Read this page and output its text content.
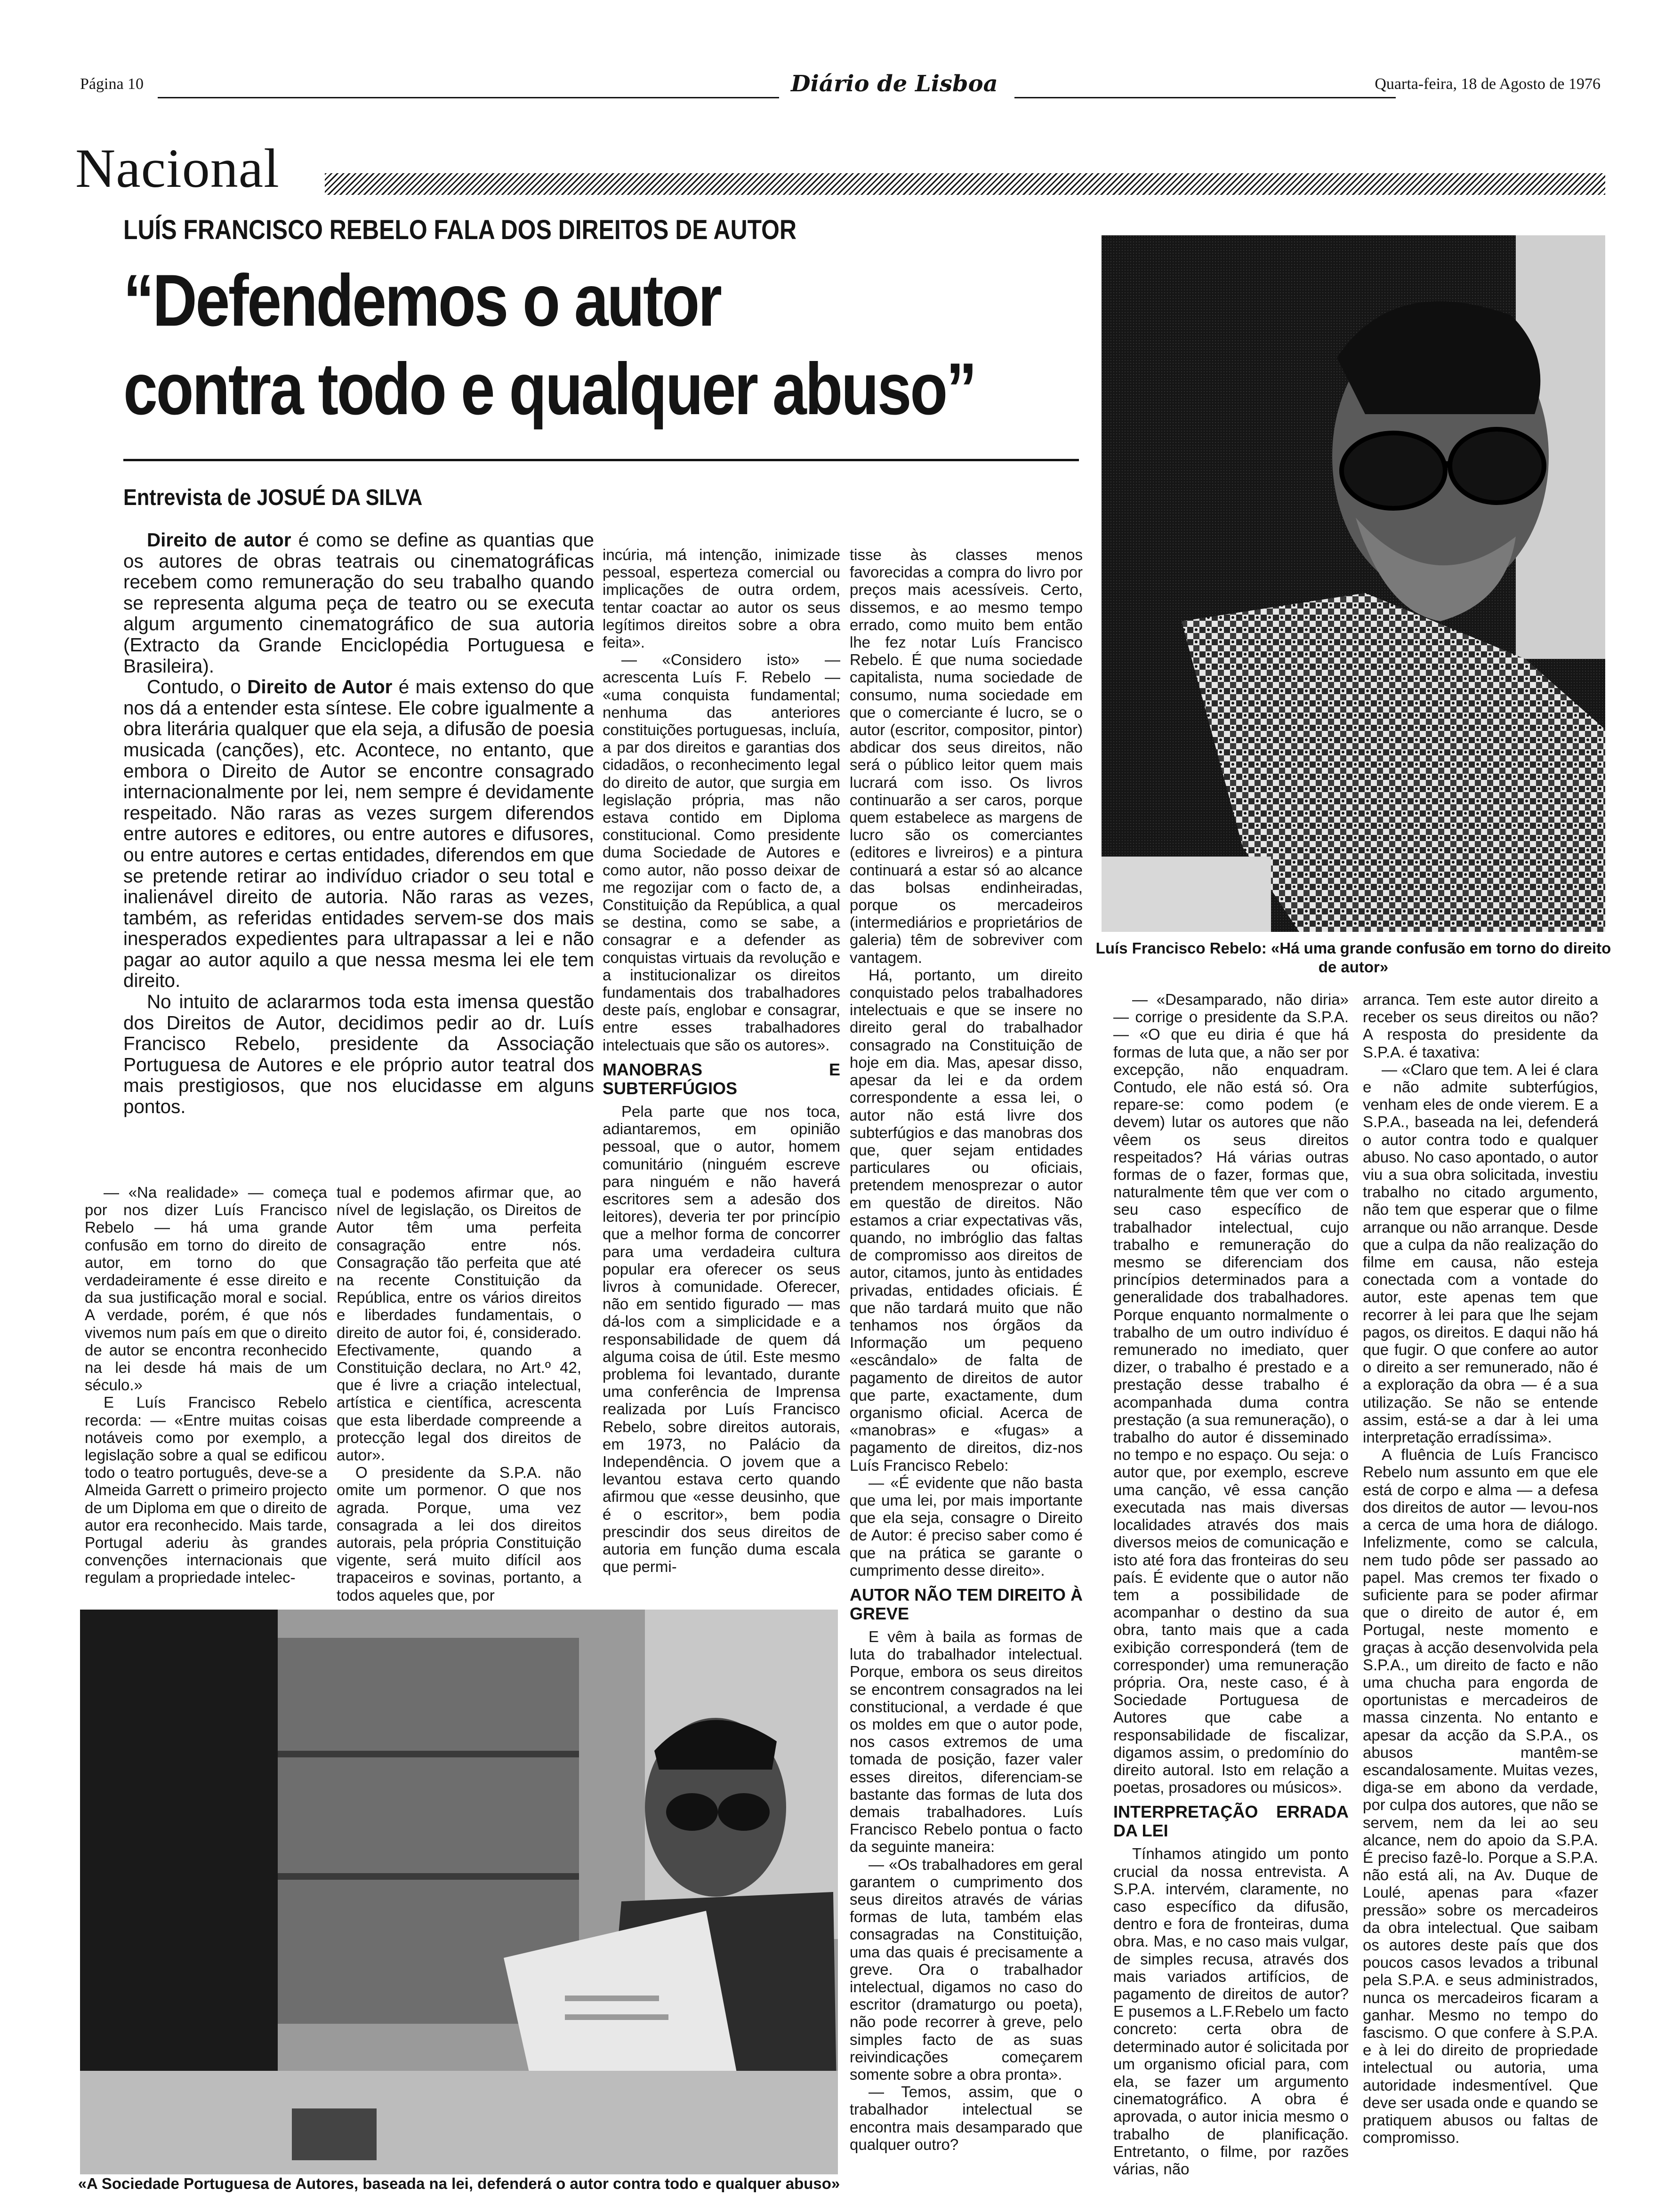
Página 10	Diário de Lisboa	Quarta-feira, 18 de Agosto de 1976
Nacional
LUÍS FRANCISCO REBELO FALA DOS DIREITOS DE AUTOR
“Defendemos o autor
contra todo e qualquer abuso”
Entrevista de JOSUÉ DA SILVA
Luís Francisco Rebelo: «Há uma grande confusão em torno do direito de autor»
«A Sociedade Portuguesa de Autores, baseada na lei, defenderá o autor contra todo e qualquer abuso»

Direito de autor é como se define as quantias que os autores de obras teatrais ou cinematográficas recebem como remuneração do seu trabalho quando se representa alguma peça de teatro ou se executa algum argumento cinematográfico de sua autoria (Extracto da Grande Enciclopédia Portuguesa e Brasileira).

Contudo, o Direito de Autor é mais extenso do que nos dá a entender esta síntese. Ele cobre igualmente a obra literária qualquer que ela seja, a difusão de poesia musicada (canções), etc. Acontece, no entanto, que embora o Direito de Autor se encontre consagrado internacionalmente por lei, nem sempre é devidamente respeitado. Não raras as vezes surgem diferendos entre autores e editores, ou entre autores e difusores, ou entre autores e certas entidades, diferendos em que se pretende retirar ao indivíduo criador o seu total e inalienável direito de autoria. Não raras as vezes, também, as referidas entidades servem-se dos mais inesperados expedientes para ultrapassar a lei e não pagar ao autor aquilo a que nessa mesma lei ele tem direito.

No intuito de aclararmos toda esta imensa questão dos Direitos de Autor, decidimos pedir ao dr. Luís Francisco Rebelo, presidente da Associação Portuguesa de Autores e ele próprio autor teatral dos mais prestigiosos, que nos elucidasse em alguns pontos.

— «Na realidade» — começa por nos dizer Luís Francisco Rebelo — há uma grande confusão em torno do direito de autor, em torno do que verdadeiramente é esse direito e da sua justificação moral e social. A verdade, porém, é que nós vivemos num país em que o direito de autor se encontra reconhecido na lei desde há mais de um século.»

E Luís Francisco Rebelo recorda: — «Entre muitas coisas notáveis como por exemplo, a legislação sobre a qual se edificou todo o teatro português, deve-se a Almeida Garrett o primeiro projecto de um Diploma em que o direito de autor era reconhecido. Mais tarde, Portugal aderiu às grandes convenções internacionais que regulam a propriedade intelec-

tual e podemos afirmar que, ao nível de legislação, os Direitos de Autor têm uma perfeita consagração entre nós. Consagração tão perfeita que até na recente Constituição da República, entre os vários direitos e liberdades fundamentais, o direito de autor foi, é, considerado. Efectivamente, quando a Constituição declara, no Art.º 42, que é livre a criação intelectual, artística e científica, acrescenta que esta liberdade compreende a protecção legal dos direitos de autor».

O presidente da S.P.A. não omite um pormenor. O que nos agrada. Porque, uma vez consagrada a lei dos direitos autorais, pela própria Constituição vigente, será muito difícil aos trapaceiros e sovinas, portanto, a todos aqueles que, por

incúria, má intenção, inimizade pessoal, esperteza comercial ou implicações de outra ordem, tentar coactar ao autor os seus legítimos direitos sobre a obra feita».

— «Considero isto» — acrescenta Luís F. Rebelo — «uma conquista fundamental; nenhuma das anteriores constituições portuguesas, incluía, a par dos direitos e garantias dos cidadãos, o reconhecimento legal do direito de autor, que surgia em legislação própria, mas não estava contido em Diploma constitucional. Como presidente duma Sociedade de Autores e como autor, não posso deixar de me regozijar com o facto de, a Constituição da República, a qual se destina, como se sabe, a consagrar e a defender as conquistas virtuais da revolução e a institucionalizar os direitos fundamentais dos trabalhadores deste país, englobar e consagrar, entre esses trabalhadores intelectuais que são os autores».

MANOBRAS E SUBTERFÚGIOS

Pela parte que nos toca, adiantaremos, em opinião pessoal, que o autor, homem comunitário (ninguém escreve para ninguém e não haverá escritores sem a adesão dos leitores), deveria ter por princípio que a melhor forma de concorrer para uma verdadeira cultura popular era oferecer os seus livros à comunidade. Oferecer, não em sentido figurado — mas dá-los com a simplicidade e a responsabilidade de quem dá alguma coisa de útil. Este mesmo problema foi levantado, durante uma conferência de Imprensa realizada por Luís Francisco Rebelo, sobre direitos autorais, em 1973, no Palácio da Independência. O jovem que a levantou estava certo quando afirmou que «esse deusinho, que é o escritor», bem podia prescindir dos seus direitos de autoria em função duma escala que permi-

tisse às classes menos favorecidas a compra do livro por preços mais acessíveis. Certo, dissemos, e ao mesmo tempo errado, como muito bem então lhe fez notar Luís Francisco Rebelo. É que numa sociedade capitalista, numa sociedade de consumo, numa sociedade em que o comerciante é lucro, se o autor (escritor, compositor, pintor) abdicar dos seus direitos, não será o público leitor quem mais lucrará com isso. Os livros continuarão a ser caros, porque quem estabelece as margens de lucro são os comerciantes (editores e livreiros) e a pintura continuará a estar só ao alcance das bolsas endinheiradas, porque os mercadeiros (intermediários e proprietários de galeria) têm de sobreviver com vantagem.

Há, portanto, um direito conquistado pelos trabalhadores intelectuais e que se insere no direito geral do trabalhador consagrado na Constituição de hoje em dia. Mas, apesar disso, apesar da lei e da ordem correspondente a essa lei, o autor não está livre dos subterfúgios e das manobras dos que, quer sejam entidades particulares ou oficiais, pretendem menosprezar o autor em questão de direitos. Não estamos a criar expectativas vãs, quando, no imbróglio das faltas de compromisso aos direitos de autor, citamos, junto às entidades privadas, entidades oficiais. É que não tardará muito que não tenhamos nos órgãos da Informação um pequeno «escândalo» de falta de pagamento de direitos de autor que parte, exactamente, dum organismo oficial. Acerca de «manobras» e «fugas» a pagamento de direitos, diz-nos Luís Francisco Rebelo:

— «É evidente que não basta que uma lei, por mais importante que ela seja, consagre o Direito de Autor: é preciso saber como é que na prática se garante o cumprimento desse direito».

AUTOR NÃO TEM DIREITO À GREVE

E vêm à baila as formas de luta do trabalhador intelectual. Porque, embora os seus direitos se encontrem consagrados na lei constitucional, a verdade é que os moldes em que o autor pode, nos casos extremos de uma tomada de posição, fazer valer esses direitos, diferenciam-se bastante das formas de luta dos demais trabalhadores. Luís Francisco Rebelo pontua o facto da seguinte maneira:

— «Os trabalhadores em geral garantem o cumprimento dos seus direitos através de várias formas de luta, também elas consagradas na Constituição, uma das quais é precisamente a greve. Ora o trabalhador intelectual, digamos no caso do escritor (dramaturgo ou poeta), não pode recorrer à greve, pelo simples facto de as suas reivindicações começarem somente sobre a obra pronta».

— Temos, assim, que o trabalhador intelectual se encontra mais desamparado que qualquer outro?

— «Desamparado, não diria» — corrige o presidente da S.P.A. — «O que eu diria é que há formas de luta que, a não ser por excepção, não enquadram. Contudo, ele não está só. Ora repare-se: como podem (e devem) lutar os autores que não vêem os seus direitos respeitados? Há várias outras formas de o fazer, formas que, naturalmente têm que ver com o seu caso específico de trabalhador intelectual, cujo trabalho e remuneração do mesmo se diferenciam dos princípios determinados para a generalidade dos trabalhadores. Porque enquanto normalmente o trabalho de um outro indivíduo é remunerado no imediato, quer dizer, o trabalho é prestado e a prestação desse trabalho é acompanhada duma contra prestação (a sua remuneração), o trabalho do autor é disseminado no tempo e no espaço. Ou seja: o autor que, por exemplo, escreve uma canção, vê essa canção executada nas mais diversas localidades através dos mais diversos meios de comunicação e isto até fora das fronteiras do seu país. É evidente que o autor não tem a possibilidade de acompanhar o destino da sua obra, tanto mais que a cada exibição corresponderá (tem de corresponder) uma remuneração própria. Ora, neste caso, é à Sociedade Portuguesa de Autores que cabe a responsabilidade de fiscalizar, digamos assim, o predomínio do direito autoral. Isto em relação a poetas, prosadores ou músicos».

INTERPRETAÇÃO ERRADA DA LEI

Tínhamos atingido um ponto crucial da nossa entrevista. A S.P.A. intervém, claramente, no caso específico da difusão, dentro e fora de fronteiras, duma obra. Mas, e no caso mais vulgar, de simples recusa, através dos mais variados artifícios, de pagamento de direitos de autor? E pusemos a L.F.Rebelo um facto concreto: certa obra de determinado autor é solicitada por um organismo oficial para, com ela, se fazer um argumento cinematográfico. A obra é aprovada, o autor inicia mesmo o trabalho de planificação. Entretanto, o filme, por razões várias, não

arranca. Tem este autor direito a receber os seus direitos ou não? A resposta do presidente da S.P.A. é taxativa:

— «Claro que tem. A lei é clara e não admite subterfúgios, venham eles de onde vierem. E a S.P.A., baseada na lei, defenderá o autor contra todo e qualquer abuso. No caso apontado, o autor viu a sua obra solicitada, investiu trabalho no citado argumento, não tem que esperar que o filme arranque ou não arranque. Desde que a culpa da não realização do filme em causa, não esteja conectada com a vontade do autor, este apenas tem que recorrer à lei para que lhe sejam pagos, os direitos. E daqui não há que fugir. O que confere ao autor o direito a ser remunerado, não é a exploração da obra — é a sua utilização. Se não se entende assim, está-se a dar à lei uma interpretação erradíssima».

A fluência de Luís Francisco Rebelo num assunto em que ele está de corpo e alma — a defesa dos direitos de autor — levou-nos a cerca de uma hora de diálogo. Infelizmente, como se calcula, nem tudo pôde ser passado ao papel. Mas cremos ter fixado o suficiente para se poder afirmar que o direito de autor é, em Portugal, neste momento e graças à acção desenvolvida pela S.P.A., um direito de facto e não uma chucha para engorda de oportunistas e mercadeiros de massa cinzenta. No entanto e apesar da acção da S.P.A., os abusos mantêm-se escandalosamente. Muitas vezes, diga-se em abono da verdade, por culpa dos autores, que não se servem, nem da lei ao seu alcance, nem do apoio da S.P.A. É preciso fazê-lo. Porque a S.P.A. não está ali, na Av. Duque de Loulé, apenas para «fazer pressão» sobre os mercadeiros da obra intelectual. Que saibam os autores deste país que dos poucos casos levados a tribunal pela S.P.A. e seus administrados, nunca os mercadeiros ficaram a ganhar. Mesmo no tempo do fascismo. O que confere à S.P.A. e à lei do direito de propriedade intelectual ou autoria, uma autoridade indesmentível. Que deve ser usada onde e quando se pratiquem abusos ou faltas de compromisso.
